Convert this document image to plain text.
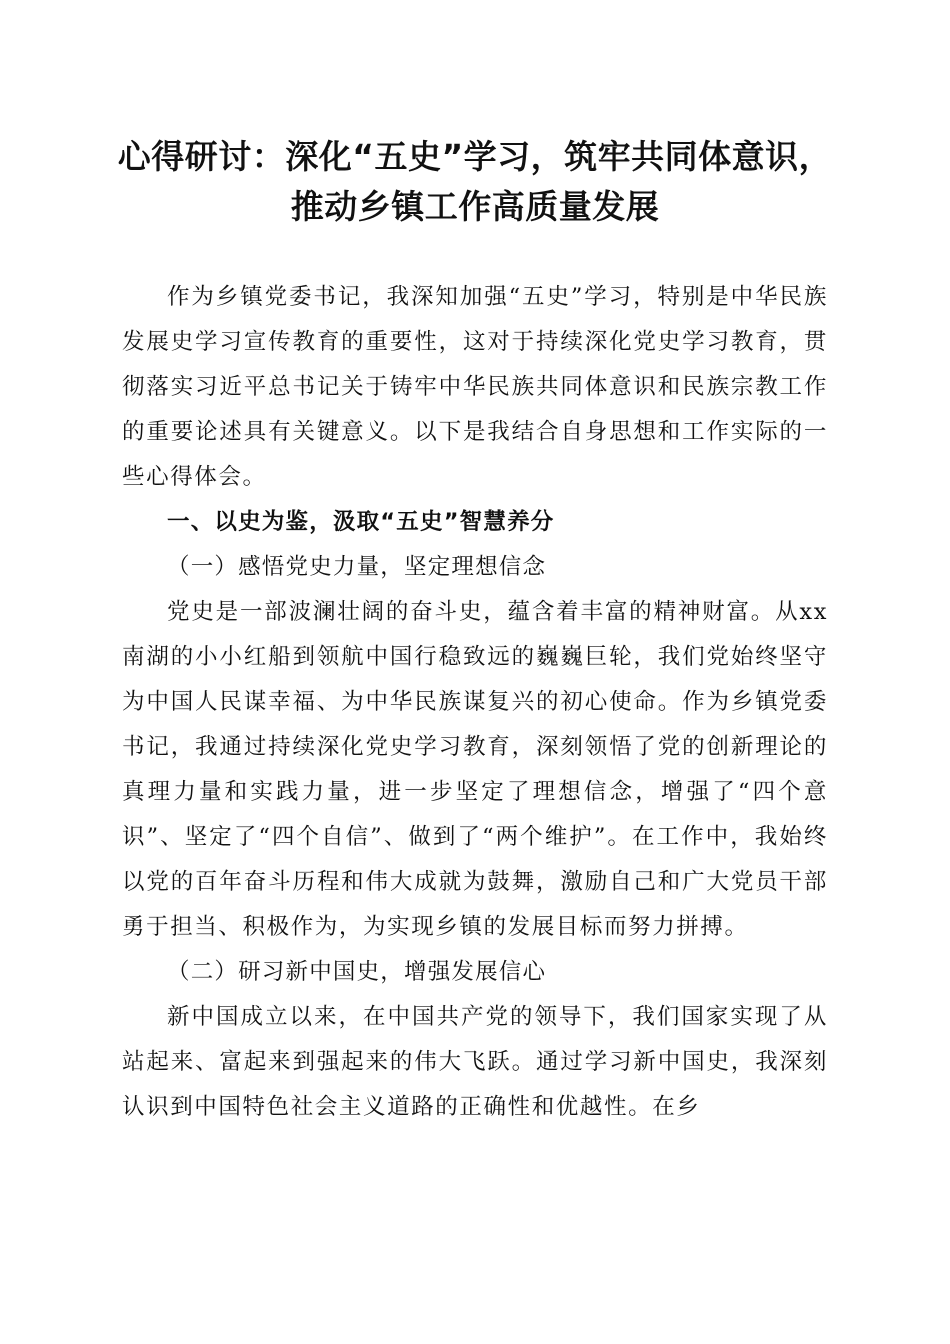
心得研讨：深化“五史”学习，筑牢共同体意识，推动乡镇工作高质量发展

作为乡镇党委书记，我深知加强“五史”学习，特别是中华民族发展史学习宣传教育的重要性，这对于持续深化党史学习教育，贯彻落实习近平总书记关于铸牢中华民族共同体意识和民族宗教工作的重要论述具有关键意义。以下是我结合自身思想和工作实际的一些心得体会。

一、以史为鉴，汲取“五史”智慧养分

（一）感悟党史力量，坚定理想信念

党史是一部波澜壮阔的奋斗史，蕴含着丰富的精神财富。从xx南湖的小小红船到领航中国行稳致远的巍巍巨轮，我们党始终坚守为中国人民谋幸福、为中华民族谋复兴的初心使命。作为乡镇党委书记，我通过持续深化党史学习教育，深刻领悟了党的创新理论的真理力量和实践力量，进一步坚定了理想信念，增强了“四个意识”、坚定了“四个自信”、做到了“两个维护”。在工作中，我始终以党的百年奋斗历程和伟大成就为鼓舞，激励自己和广大党员干部勇于担当、积极作为，为实现乡镇的发展目标而努力拼搏。

（二）研习新中国史，增强发展信心

新中国成立以来，在中国共产党的领导下，我们国家实现了从站起来、富起来到强起来的伟大飞跃。通过学习新中国史，我深刻认识到中国特色社会主义道路的正确性和优越性。在乡
